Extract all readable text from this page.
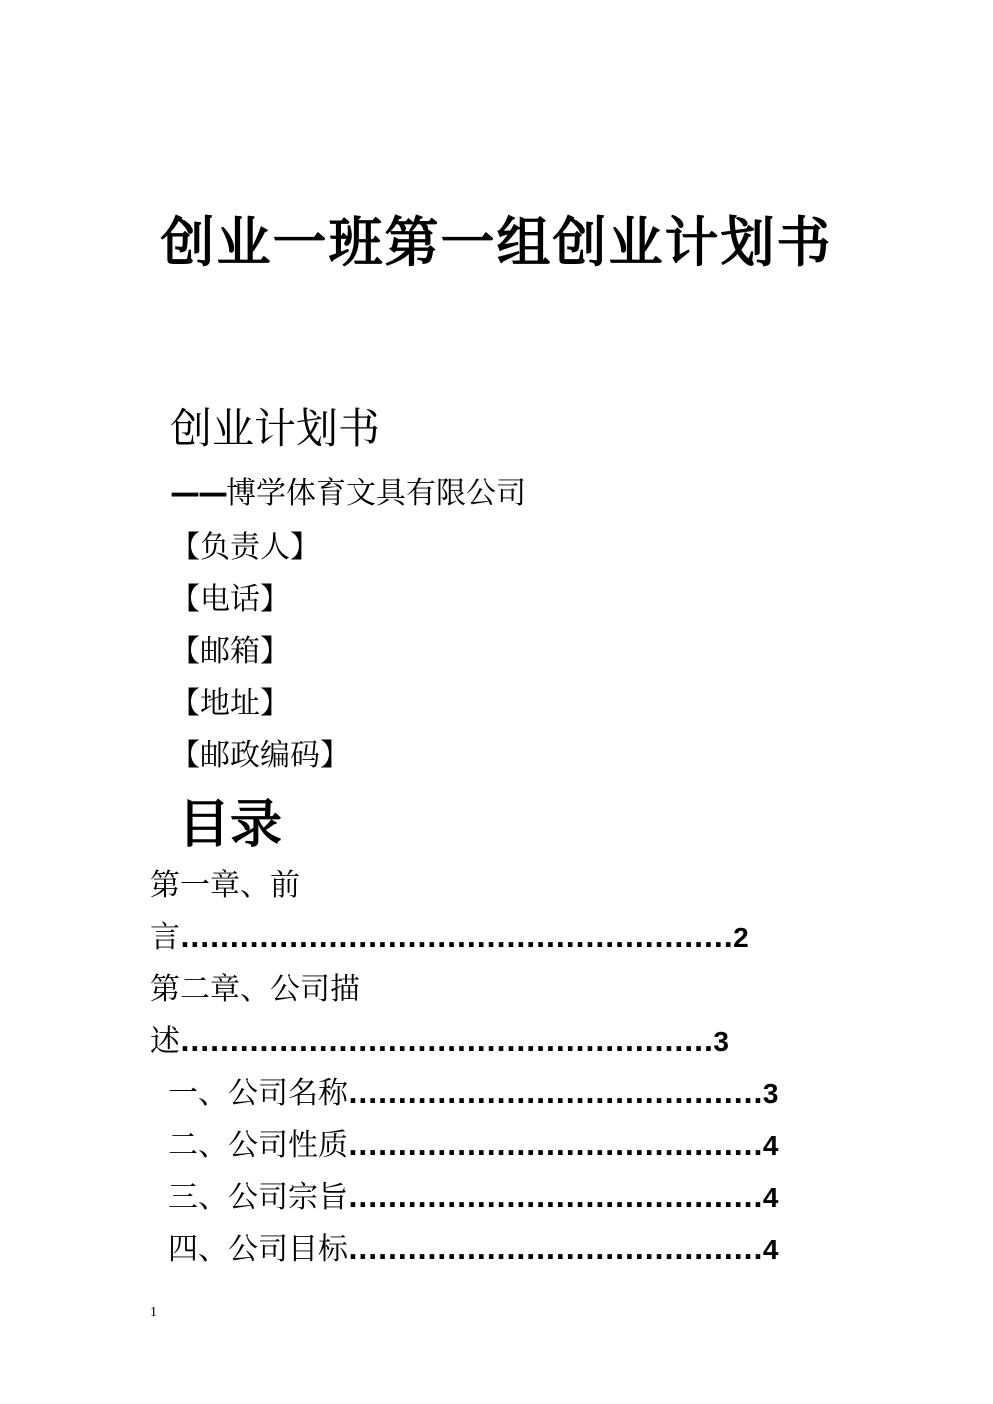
创业一班第一组创业计划书
创业计划书
——博学体育文具有限公司
【负责人】
【电话】
【邮箱】
【地址】
【邮政编码】
目录
第一章、前
言........................................................2
第二章、公司描
述......................................................3
一、公司名称..........................................3
二、公司性质..........................................4
三、公司宗旨..........................................4
四、公司目标..........................................4
1
